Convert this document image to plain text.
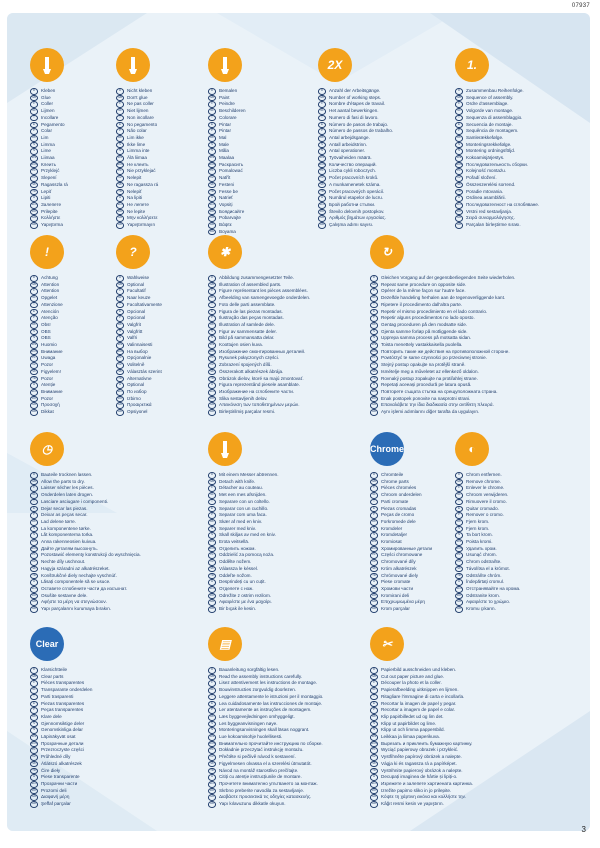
07937
3
D	Kleben
GB	Glue
F	Coller
NL	Lijmen
I	Incollare
E	Pegamento
P	Colar
DK	Lim
S	Limma
N	Lime
FIN	Liimaa
RUS Клеить
PL	Przyklejć
CZ	Slepení
SK	Ragasszla rá
TR	Lepiť
H	Lipiti
SLO Залепете
RO	Prilepite
GR	Κολλήστε
HR	Yapıştırma
D	Nicht kleben
GB	Don't glue
F	Ne pas coller
NL	Niet lijmen
I	Non incollare
E	No pegamento
P	Não colar
DK	Lim ikke
S	Ikke lime
N	Limma inte
FIN	Älä liimaa
RUS Не клеить
PL	Nie przyklejać
CZ	Nelepit
SK	Ne ragassza rá
TR	Nelepiť
H	Na lipiti
SLO Не лепете
RO	Ne lepite
GR	Μην κολλήσετε
HR	Yapıştırmayın
D	Bemalen
GB	Paint
F	Peindre
NL	Beschilderen
I	Colorare
E	Pintar
P	Pintar
DK	Mal
S	Male
N	Måla
FIN	Maalaa
RUS Раскрасить
PL	Pomalować
CZ	Natřít
SK	Festeni
TR	Fesse be
H	Natrieť
SLO Vopsiți
RO	Боядисайте
GR	Pobarvajte
HR	Βάψτε
BG	Boyama
2X
D	Anzahl der Arbeitsgänge.
GB	Number of working steps.
F	Nombre d'étapes de travail.
NL	Het aantal bewerkingen.
I	Numero di fasi di lavoro.
E	Número de pasos de trabajo.
P	Número de passos de trabalho.
DK	Antal arbejdsgange.
S	Antall arbeidstrinn.
N	Antal operationer.
FIN	Työvaiheiden määrä.
RUS Количество операций.
PL	Liczba cykli roboczych.
CZ	Počet pracovních kroků.
SK	A munkamenetek száma.
TR	Počet pracovných operácií.
H	Numărul etapelor de lucru.
SLO Брой работни стъпки.
RO	Število delovnih postopkov.
GR	Αριθμός βημάτων εργασίας.
HR	Çalışma adımı sayısı.
1.
D	Zusammenbau Reihenfolge.
GB	Sequence of assembly.
F	Ordre d'assemblage.
NL	Volgorde van montage.
I	Sequenza di assemblaggio.
E	Secuencia de montaje.
P	Sequência de montagem.
DK	Samlerækkefølge.
S	Monteringsrekkefølge.
N	Montering ordningsföljd.
FIN	Kokoamisjärjestys.
RUS Последовательность сборки.
PL	Kolejność montażu.
CZ	Pořadí složení.
SK	Összeszerelési sorrend.
TR	Poradie mtovania.
H	Ordinea asamblării.
SLO Последователност на сглобяване.
RO	Vrstni red sestavljanja.
GR	Σειρά συναρμολόγησης.
HR	Parçaları birleştirme sırası.
!
D	Achtung
GB	Attention
F	Attention
NL	Opgelet
I	Attenzione
E	Atención
P	Atenção
DK	Obs!
S	OBS
N	OBS
FIN	Huomio
RUS Внимание
PL	Uwaga
CZ	Pozor
SK	Figyelem!
TR	Pozor
H	Atenție
SLO Внимание
RO	Pozor
GR	Προσοχή
HR	Dikkat
?
D	Wahlweise
GB	Optional
F	Facultatif
NL	Naar keuze
I	Facoltativamente
E	Opcional
P	Opcional
DK	Valgfrit
S	Valgfritt
N	Valfri
FIN	Valinnaisesti
RUS На выбор
PL	Opcjonalnie
CZ	Volitelně
SK	Választás szerint
TR	Alternatívne
H	Optional
SLO По избор
RO	Izbirno
GR	Προαιρετικά
HR	Opsiyonel
✱
D	Abbildung zusammengesetzter Teile.
GB	Illustration of assembled parts.
F	Figure représentant les pièces assemblées.
NL	Afbeelding van samengevoegde onderdelen.
I	Foto delle parti assemblate.
E	Figura de las piezas montadas.
P	Ilustração das peças montadas.
DK	Illustration af samlede dele.
S	Figur av sammensatte deler.
N	Bild på sammansatta delar.
FIN	Koottujen osien kuva.
RUS Изображение смонтированных деталей.
PL	Rysunek połączonych części.
CZ	Zobrazení spojených dílů.
SK	Összerakott alkatrészek ábrája.
TR	Obrázok dielov, ktoré sa majú zmontovať.
H	Figura reprezentând piesele asamblate.
SLO Изображение на сглобените части.
RO	Slika sestavljenih delov.
GR	Απεικόνιση των τοποθετημένων μερών.
HR	Birleştirilmiş parçalar resmi.
↻
D	Gleichen Vorgang auf der gegenüberliegenden Seite wiederholen.
GB	Repeat same procedure on opposite side.
F	Opérer de la même façon sur l'autre face.
NL	Dezelfde handeling herhalen aan de tegenoverliggende kant.
I	Ripetere il procedimento dall'altra parte.
E	Repetir el mismo procedimiento en el lado contrario.
P	Repetir alguns procedimentos no lado oposto.
DK	Gentag proceduren på den modsatte side.
S	Gjenta samme forløp på motliggende side.
N	Upprepa samma process på motsatta sidan.
FIN	Toista menettely vastakkaisella puolella.
RUS Повторить такие же действия на противоположной стороне.
PL	Powtórzyć te same czynności po przeciwnej stronie.
CZ	Stejný postup opakujte na protější straně.
SK	Ismételje meg a műveletet az ellenkező oldalon.
TR	Rovnaký postup zopakujte na protiľahlej strane.
H	Repetați aceeași procedură pe latura opusă.
SLO Повторете същата стъпка на срещуположната страна.
RO	Enak postopek ponovite na nasprotni strani.
GR	Επαναλάβετε την ίδια διαδικασία στην αντίθετη πλευρά.
HR	Aynı işlemi adımlarını diğer tarafta da uygulayın.
◷
D	Bauteile trocknen lassen.
GB	Allow the parts to dry.
F	Laisser sécher les pièces.
NL	Onderdelen laten drogen.
I	Lasciare asciugare i componenti.
E	Dejar secar las piezas.
P	Deixar as peças secar.
DK	Lad delene tørre.
S	La komponentene tørke.
N	Låt komponenterna torka.
FIN	Anna rakenneosien kuivua.
RUS Дайте деталям высохнуть.
PL	Pozostawić elementy konstrukcji do wyschnięcia.
CZ	Nechte díly uschnout.
SK	Hagyja száradni az alkatrészeket.
TR	Konštrukčné diely nechajte vyschnúť.
H	Lăsați componentele să se usuce.
SLO Оставете сглобените части да изсъхнат.
RO	Osušite sestavne dele.
GR	Αφήστε τα μέρη να στεγνώσουν.
HR	Yapı parçalarını kurumaya bırakın.
D	Mit einem Messer abtrennen.
GB	Detach with knife.
F	Détacher au couteau.
NL	Met een mes afsnijden.
I	Separare con un coltello.
E	Separar con un cuchillo.
P	Separar com uma faca.
DK	Skær af med en kniv.
S	Separer med kniv.
N	Skall skiljas av med en kniv.
FIN	Erota veitsellä.
RUS Отделить ножом.
PL	Oddzielić za pomocą noża.
CZ	Oddělte nožem.
SK	Válassza le késsel.
TR	Oddeľte nožom.
H	Desprindeți cu un cuțit.
SLO Отделете с нож.
RO	Odrežite z ostrim rezilom.
GR	Αφαιρέστε με ένα μαχαίρι.
HR	Bir bıçak ile kesin.
Chrome
D	Chromteile
GB	Chrome parts
F	Pièces chromées
NL	Chroom onderdelen
I	Parti cromate
E	Piezas cromadas
P	Peças de cromo
DK	Forkromede dele
S	Kromdeler
N	Kromdetaljer
FIN	Kromiosat
RUS Хромированные детали
PL	Części chromowane
CZ	Chromované díly
SK	Króm alkatrészek
TR	Chrómované diely
H	Piese cromate
SLO Хромови части
RO	Kromirani deli
GR	Επιχρωμιωμένα μέρη
HR	Krom parçalar
◐
D	Chrom entfernen.
GB	Remove chrome.
F	Enlever le chrome.
NL	Chroom verwijderen.
I	Rimuovere il cromo.
E	Quitar cromado.
P	Remover o cromo.
DK	Fjern krom.
S	Fjern krom.
N	Ta bort krom.
FIN	Poista kromi.
RUS Удалить хром.
PL	Usunąć chrom.
CZ	Chrom odstraňte.
SK	Távolítsa el a krómot.
TR	Odstráňte chróm.
H	Îndepărtați cromul.
SLO Отстранявайте на хрома.
RO	Odstranite krom.
GR	Αφαιρέστε το χρώμιο.
HR	Kromu çıkarın.
Clear
D	Klarsichtteile
GB	Clear parts
F	Pièces transparentes
NL	Transparante onderdelen
I	Parti trasparenti
E	Piezas transparentes
P	Peças transparentes
DK	Klare dele
S	Gjennomsiktige deler
N	Genomskinliga delar
FIN	Läpinäkyvät osat
RUS Прозрачные детали
PL	Przezroczyste części
CZ	Průhledné díly
SK	Átlátszó alkatrészek
TR	Čire dieły
H	Piese transparente
SLO Прозрачни части
RO	Prozorni deli
GR	Διαφανή μέρη
HR	Şeffaf parçalar
▤
D	Bauanleitung sorgfältig lesen.
GB	Read the assembly instructions carefully.
F	Lisez attentivement les instructions de montage.
NL	Bouwinstructies zorgvuldig doorlezen.
I	Leggere attentamente le istruzioni per il montaggio.
E	Lea cuidadosamente las instrucciones de montaje.
P	Ler atentamente as instruções de montagem.
DK	Læs byggevejledningen omhyggeligt.
S	Les byggeanvisningen nøye.
N	Monteringsanvisningen skall läsas noggrant.
FIN	Lue kokoamisohje huolellisesti.
RUS Внимательно прочитайте инструкцию по сборке.
PL	Dokładnie przeczytać instrukcję montażu.
CZ	Přečtěte si pečlivě návod k sestavení.
SK	Figyelmesen olvassa el a szerelési útmutatót.
TR	Návod na montáž starostlivo prečítajte.
H	Citiți cu atenție instrucțiunile de montare.
SLO Прочетете внимателно упътването за монтаж.
RO	Skrbno preberite navodila za sestavljanje.
GR	Διαβάστε προσεκτικά τις οδηγίες κατασκευής.
HR	Yapı kılavuzunu dikkatle okuyun.
✂
D	Papierbild ausschneiden und kleben.
GB	Cut out paper picture and glue.
F	Découper la photo et la coller.
NL	Papierafbeelding uitknippen en lijmen.
I	Ritagliare l'immagine di carta e incollarla.
E	Recortar la imagen de papel y pegar.
P	Recortar a imagem de papel e colar.
DK	Klip papirbilledet ud og lim det.
S	Klipp ut papirbildet og lime.
N	Klipp ut och limma pappersbild.
FIN	Leikkaa ja liimaa paperikuva.
RUS Вырезать и приклеить бумажную картинку.
PL	Wyciąć papierowy obrazek i przykleić.
CZ	Vystřihněte papírový obrázek a nalepte.
SK	Vágja ki és ragassza rá a papírképet.
TR	Vystrihnite papierový obrázok a nalepte.
H	Decupați imaginea de hârtie și lipiți-o.
SLO Изрежете и залепете хартиената картинка.
RO	Izrežite papirno sliko in jo prilepite.
GR	Κόψτε τη χάρτινη εικόνα και κολλήστε την.
HR	Kâğıt resmi kesin ve yapıştırın.
